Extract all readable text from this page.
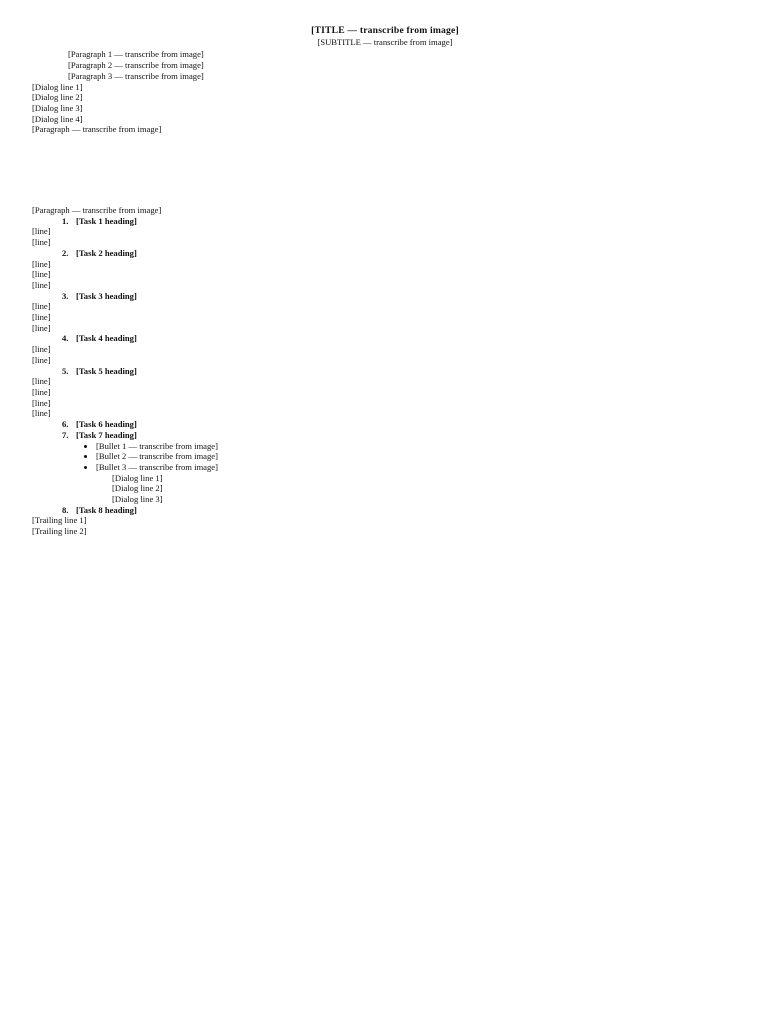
[TITLE — transcribe from image]

[SUBTITLE — transcribe from image]

[Paragraph 1 — transcribe from image]

[Paragraph 2 — transcribe from image]

[Paragraph 3 — transcribe from image]

[Dialog line 1]

[Dialog line 2]

[Dialog line 3]

[Dialog line 4]

[Paragraph — transcribe from image]

[Paragraph — transcribe from image]

1. [Task 1 heading]

[line]

[line]

2. [Task 2 heading]

[line]

[line]

[line]

3. [Task 3 heading]

[line]

[line]

[line]

4. [Task 4 heading]

[line]

[line]

5. [Task 5 heading]

[line]

[line]

[line]

[line]

6. [Task 6 heading]
7. [Task 7 heading]
• [Bullet 1 — transcribe from image]
• [Bullet 2 — transcribe from image]
• [Bullet 3 — transcribe from image]

[Dialog line 1]

[Dialog line 2]

[Dialog line 3]

8. [Task 8 heading]

[Trailing line 1]

[Trailing line 2]
